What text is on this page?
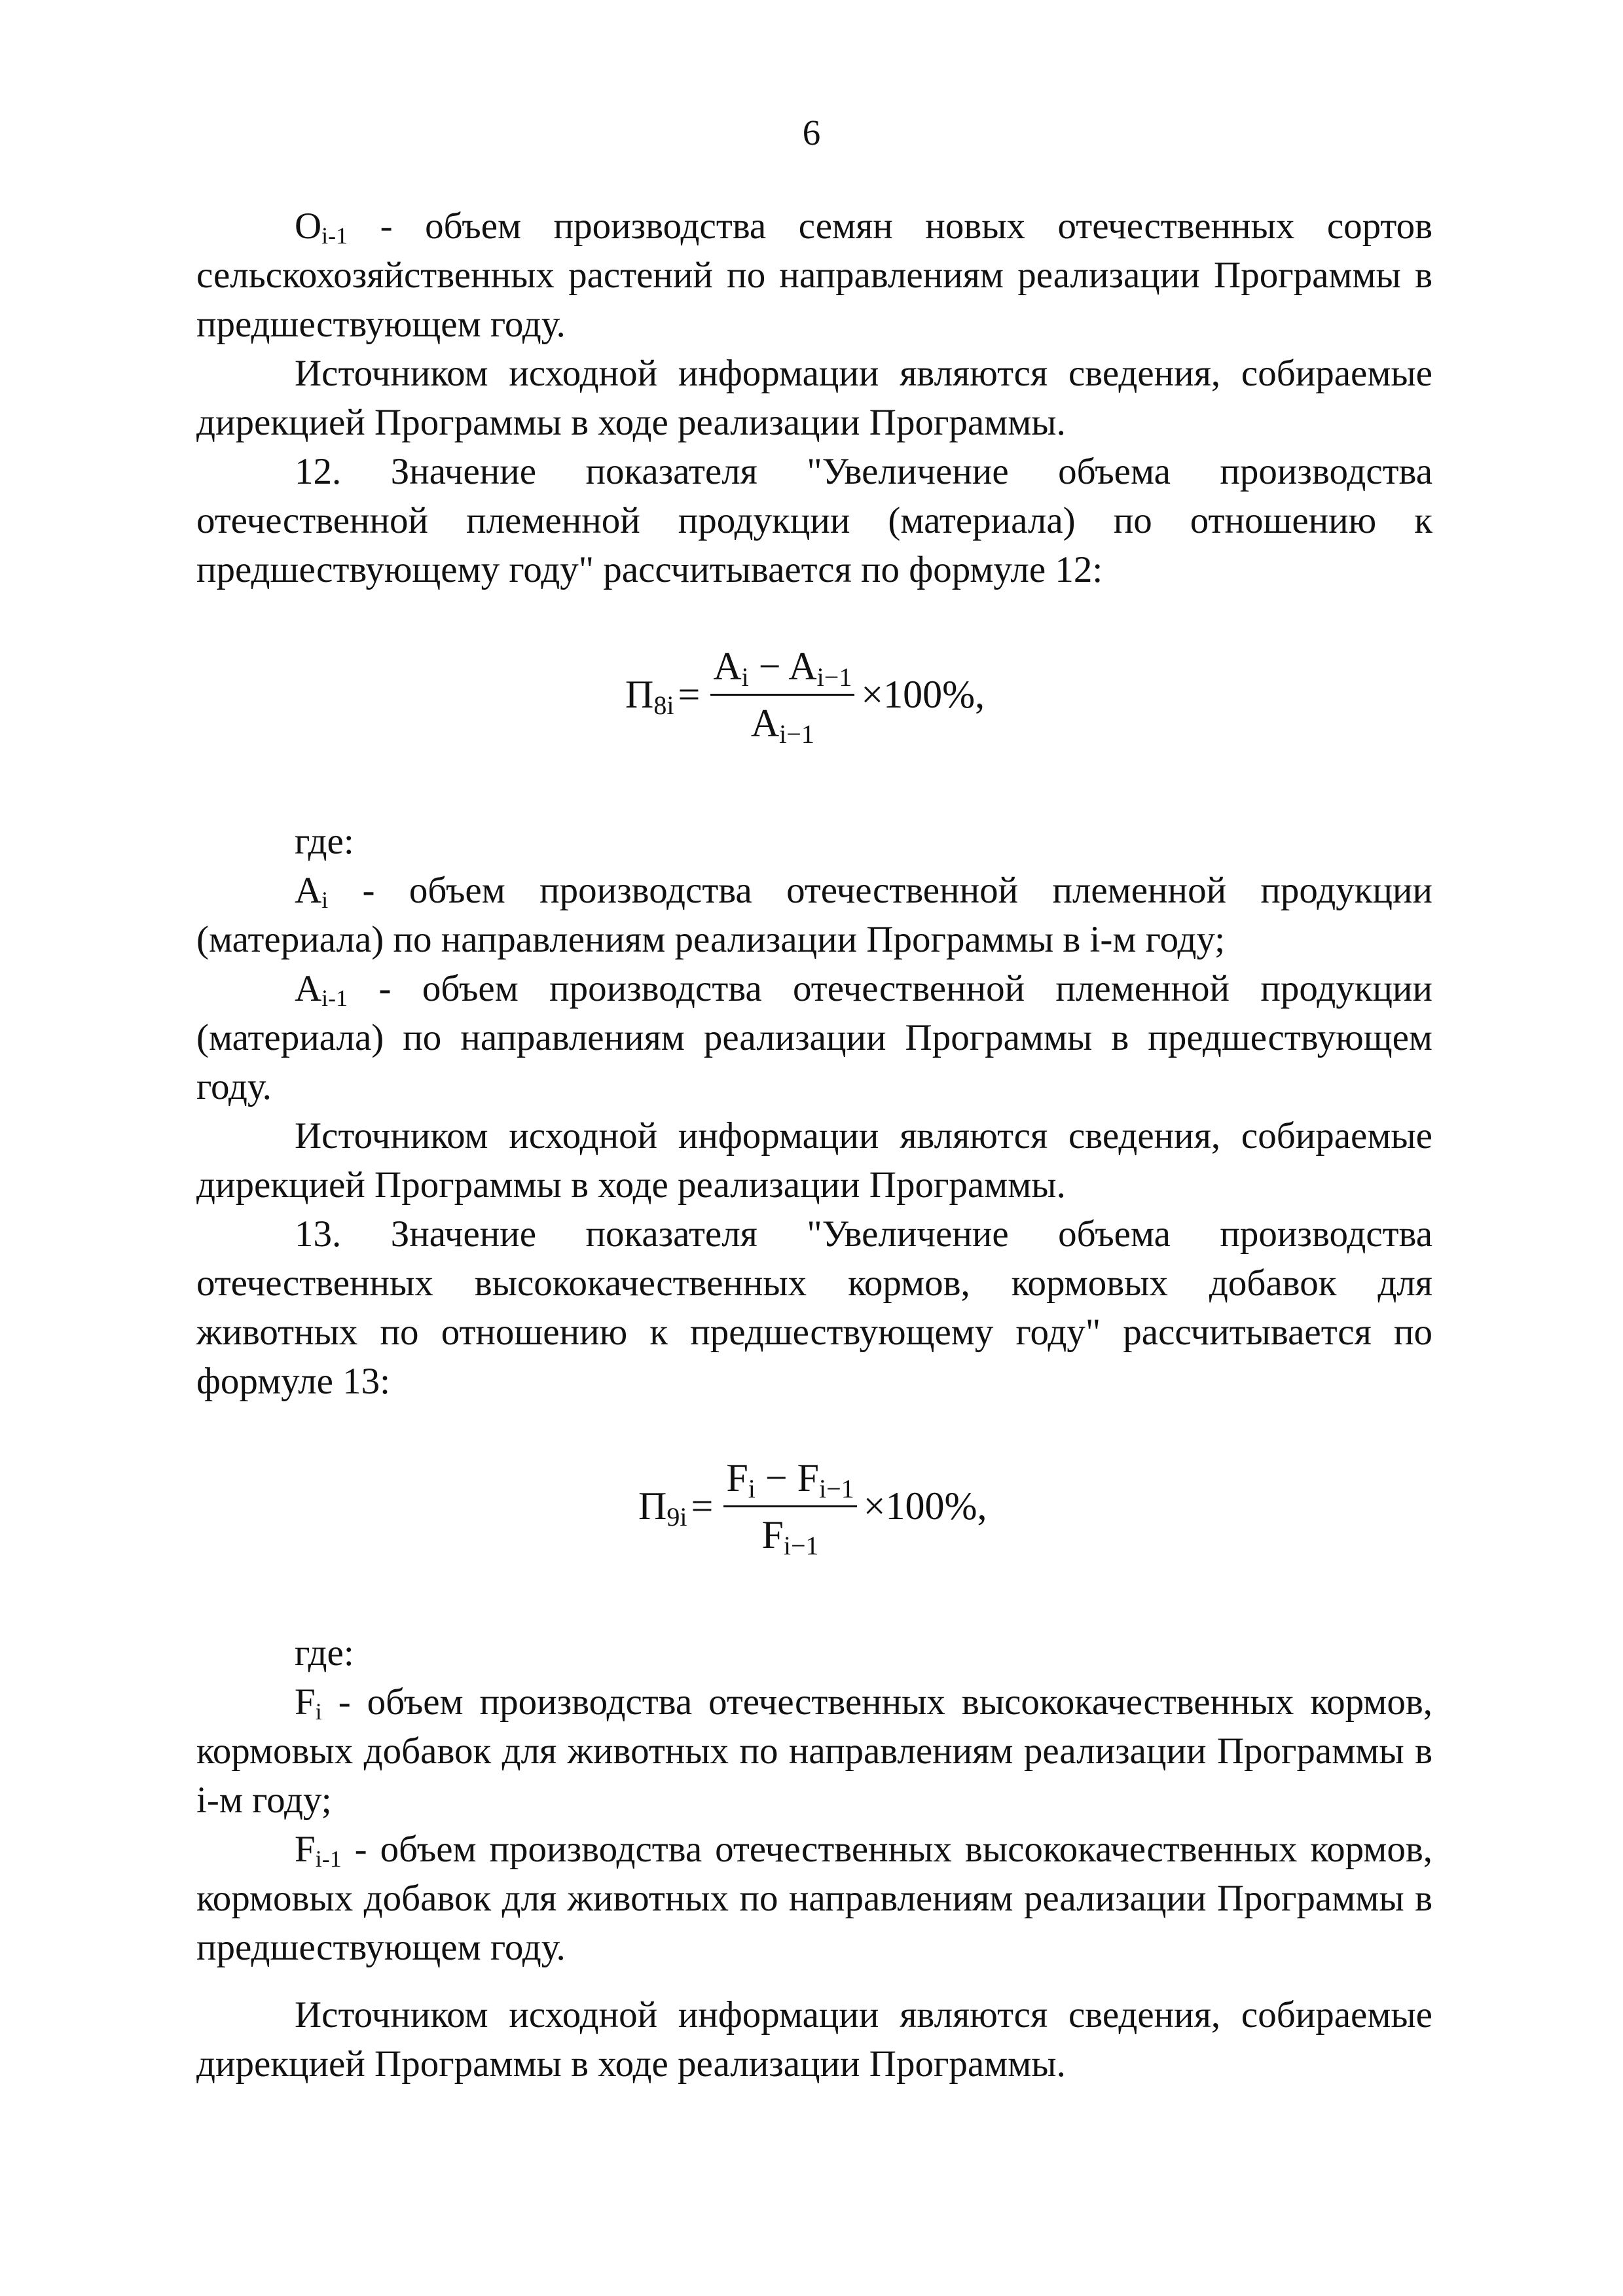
6

$O_{i-1}$ - объем производства семян новых отечественных сортов сельскохозяйственных растений по направлениям реализации Программы в предшествующем году.

Источником исходной информации являются сведения, собираемые дирекцией Программы в ходе реализации Программы.

12. Значение показателя "Увеличение объема производства отечественной племенной продукции (материала) по отношению к предшествующему году" рассчитывается по формуле 12:

$П_{8i} = \frac{A_i - A_{i-1}}{A_{i-1}} \times 100\%$,

где:

$A_i$ - объем производства отечественной племенной продукции (материала) по направлениям реализации Программы в i-м году;

$A_{i-1}$ - объем производства отечественной племенной продукции (материала) по направлениям реализации Программы в предшествующем году.

Источником исходной информации являются сведения, собираемые дирекцией Программы в ходе реализации Программы.

13. Значение показателя "Увеличение объема производства отечественных высококачественных кормов, кормовых добавок для животных по отношению к предшествующему году" рассчитывается по формуле 13:

$П_{9i} = \frac{F_i - F_{i-1}}{F_{i-1}} \times 100\%$,

где:

$F_i$ - объем производства отечественных высококачественных кормов, кормовых добавок для животных по направлениям реализации Программы в i-м году;

$F_{i-1}$ - объем производства отечественных высококачественных кормов, кормовых добавок для животных по направлениям реализации Программы в предшествующем году.

Источником исходной информации являются сведения, собираемые дирекцией Программы в ходе реализации Программы.
